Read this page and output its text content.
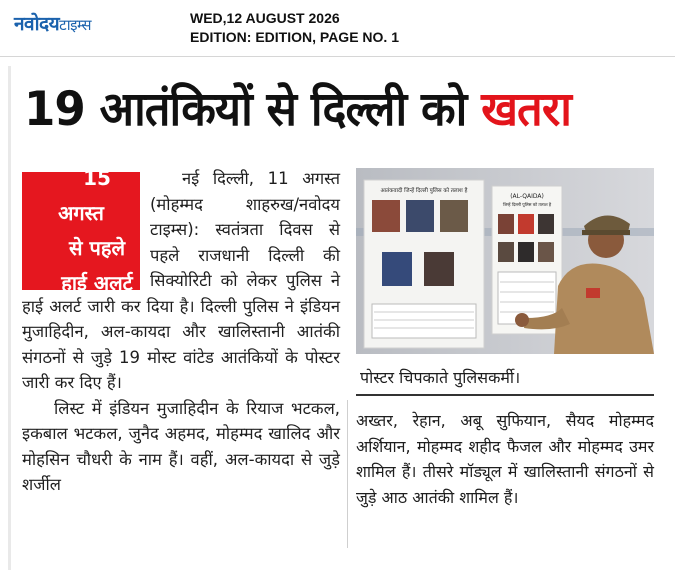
नवोदयटाइम्स	WED,12 AUGUST 2026
EDITION: EDITION, PAGE NO. 1
19 आतंकियों से दिल्ली को खतरा

15 अगस्त
से पहले
हाई अलर्ट
नई दिल्ली, 11 अगस्त (मोहम्मद शाहरुख/नवोदय टाइम्स): स्वतंत्रता दिवस से पहले राजधानी दिल्ली की सिक्योरिटी को लेकर पुलिस ने हाई अलर्ट जारी कर दिया है। दिल्ली पुलिस ने इंडियन मुजाहिदीन, अल-कायदा और खालिस्तानी आतंकी संगठनों से जुड़े 19 मोस्ट वांटेड आतंकियों के पोस्टर जारी कर दिए हैं।

लिस्ट में इंडियन मुजाहिदीन के रियाज भटकल, इकबाल भटकल, जुनैद अहमद, मोहम्मद खालिद और मोहसिन चौधरी के नाम हैं। वहीं, अल-कायदा से जुड़े शर्जील

आतंकवादी जिन्हें दिल्ली पुलिस को तलाश है
(AL-QAIDA)
जिन्हें दिल्ली पुलिस को तलाश है
पोस्टर चिपकाते पुलिसकर्मी।

अख्तर, रेहान, अबू सुफियान, सैयद मोहम्मद अर्शियान, मोहम्मद शहीद फैजल और मोहम्मद उमर शामिल हैं। तीसरे मॉड्यूल में खालिस्तानी संगठनों से जुड़े आठ आतंकी शामिल हैं।
